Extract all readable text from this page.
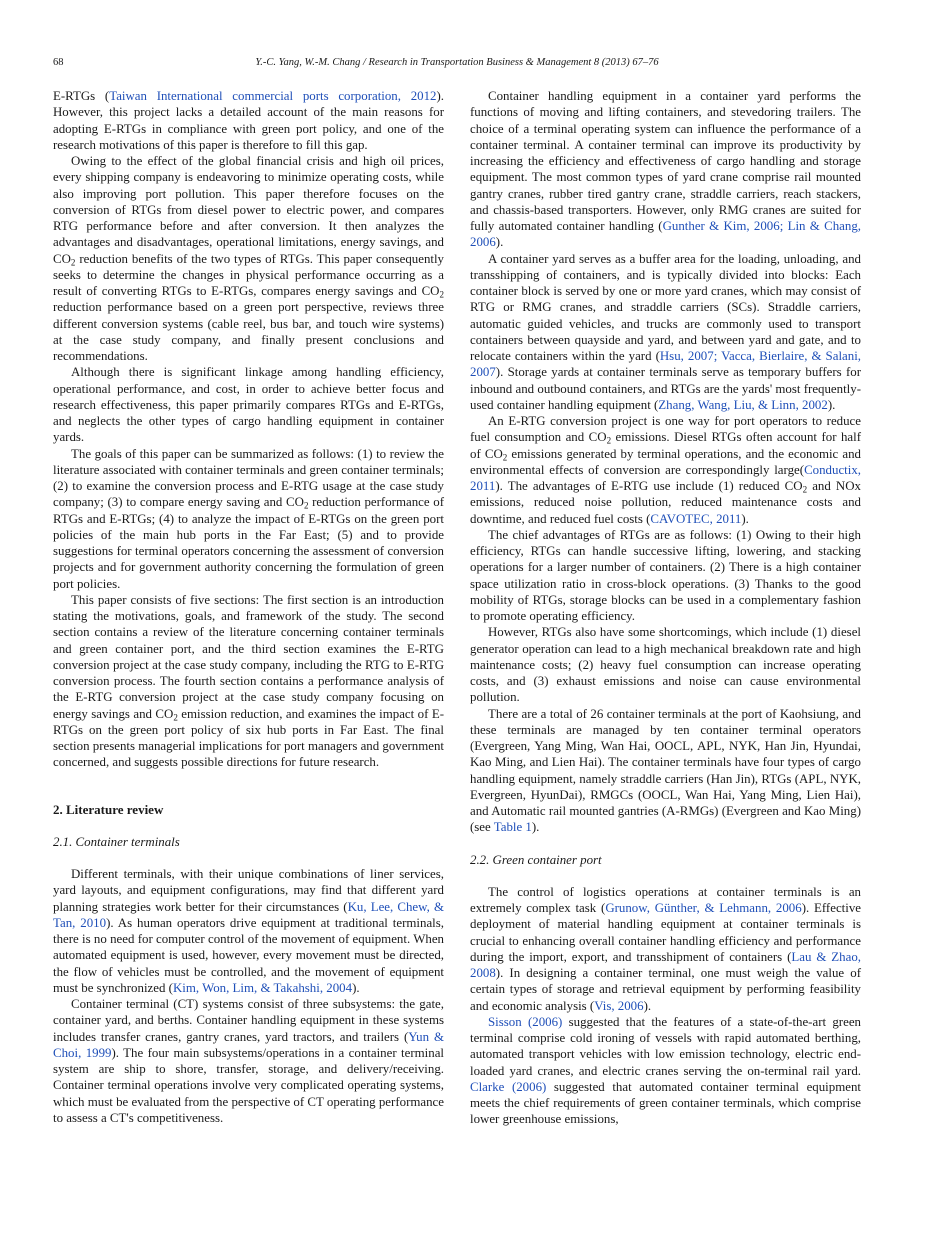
68	Y.-C. Yang, W.-M. Chang / Research in Transportation Business & Management 8 (2013) 67–76

E-RTGs (Taiwan International commercial ports corporation, 2012). However, this project lacks a detailed account of the main reasons for adopting E-RTGs in compliance with green port policy, and one of the research motivations of this paper is therefore to fill this gap.

Owing to the effect of the global financial crisis and high oil prices, every shipping company is endeavoring to minimize operating costs, while also improving port pollution. This paper therefore focuses on the conversion of RTGs from diesel power to electric power, and compares RTG performance before and after conversion. It then analyzes the advantages and disadvantages, operational limitations, energy savings, and $CO_2$ reduction benefits of the two types of RTGs. This paper consequently seeks to determine the changes in physical performance occurring as a result of converting RTGs to E-RTGs, compares energy savings and $CO_2$ reduction performance based on a green port perspective, reviews three different conversion systems (cable reel, bus bar, and touch wire systems) at the case study company, and finally present conclusions and recommendations.

Although there is significant linkage among handling efficiency, operational performance, and cost, in order to achieve better focus and research effectiveness, this paper primarily compares RTGs and E-RTGs, and neglects the other types of cargo handling equipment in container yards.

The goals of this paper can be summarized as follows: (1) to review the literature associated with container terminals and green container terminals; (2) to examine the conversion process and E-RTG usage at the case study company; (3) to compare energy saving and $CO_2$ reduction performance of RTGs and E-RTGs; (4) to analyze the impact of E-RTGs on the green port policies of the main hub ports in the Far East; (5) and to provide suggestions for terminal operators concerning the assessment of conversion projects and for government authority concerning the formulation of green port policies.

This paper consists of five sections: The first section is an introduction stating the motivations, goals, and framework of the study. The second section contains a review of the literature concerning container terminals and green container port, and the third section examines the E-RTG conversion project at the case study company, including the RTG to E-RTG conversion process. The fourth section contains a performance analysis of the E-RTG conversion project at the case study company focusing on energy savings and $CO_2$ emission reduction, and examines the impact of E-RTGs on the green port policy of six hub ports in Far East. The final section presents managerial implications for port managers and government concerned, and suggests possible directions for future research.

2. Literature review
2.1. Container terminals

Different terminals, with their unique combinations of liner services, yard layouts, and equipment configurations, may find that different yard planning strategies work better for their circumstances (Ku, Lee, Chew, & Tan, 2010). As human operators drive equipment at traditional terminals, there is no need for computer control of the movement of equipment. When automated equipment is used, however, every movement must be directed, the flow of vehicles must be controlled, and the movement of equipment must be synchronized (Kim, Won, Lim, & Takahshi, 2004).

Container terminal (CT) systems consist of three subsystems: the gate, container yard, and berths. Container handling equipment in these systems includes transfer cranes, gantry cranes, yard tractors, and trailers (Yun & Choi, 1999). The four main subsystems/operations in a container terminal system are ship to shore, transfer, storage, and delivery/receiving. Container terminal operations involve very complicated operating systems, which must be evaluated from the perspective of CT operating performance to assess a CT's competitiveness.

Container handling equipment in a container yard performs the functions of moving and lifting containers, and stevedoring trailers. The choice of a terminal operating system can influence the performance of a container terminal. A container terminal can improve its productivity by increasing the efficiency and effectiveness of cargo handling and storage equipment. The most common types of yard crane comprise rail mounted gantry cranes, rubber tired gantry crane, straddle carriers, reach stackers, and chassis-based transporters. However, only RMG cranes are suited for fully automated container handling (Gunther & Kim, 2006; Lin & Chang, 2006).

A container yard serves as a buffer area for the loading, unloading, and transshipping of containers, and is typically divided into blocks: Each container block is served by one or more yard cranes, which may consist of RTG or RMG cranes, and straddle carriers (SCs). Straddle carriers, automatic guided vehicles, and trucks are commonly used to transport containers between quayside and yard, and between yard and gate, and to relocate containers within the yard (Hsu, 2007; Vacca, Bierlaire, & Salani, 2007). Storage yards at container terminals serve as temporary buffers for inbound and outbound containers, and RTGs are the yards' most frequently-used container handling equipment (Zhang, Wang, Liu, & Linn, 2002).

An E-RTG conversion project is one way for port operators to reduce fuel consumption and $CO_2$ emissions. Diesel RTGs often account for half of $CO_2$ emissions generated by terminal operations, and the economic and environmental effects of conversion are correspondingly large(Conductix, 2011). The advantages of E-RTG use include (1) reduced $CO_2$ and NOx emissions, reduced noise pollution, reduced maintenance costs and downtime, and reduced fuel costs (CAVOTEC, 2011).

The chief advantages of RTGs are as follows: (1) Owing to their high efficiency, RTGs can handle successive lifting, lowering, and stacking operations for a larger number of containers. (2) There is a high container space utilization ratio in cross-block operations. (3) Thanks to the good mobility of RTGs, storage blocks can be used in a complementary fashion to promote operating efficiency.

However, RTGs also have some shortcomings, which include (1) diesel generator operation can lead to a high mechanical breakdown rate and high maintenance costs; (2) heavy fuel consumption can increase operating costs, and (3) exhaust emissions and noise can cause environmental pollution.

There are a total of 26 container terminals at the port of Kaohsiung, and these terminals are managed by ten container terminal operators (Evergreen, Yang Ming, Wan Hai, OOCL, APL, NYK, Han Jin, Hyundai, Kao Ming, and Lien Hai). The container terminals have four types of cargo handling equipment, namely straddle carriers (Han Jin), RTGs (APL, NYK, Evergreen, HyunDai), RMGCs (OOCL, Wan Hai, Yang Ming, Lien Hai), and Automatic rail mounted gantries (A-RMGs) (Evergreen and Kao Ming) (see Table 1).

2.2. Green container port

The control of logistics operations at container terminals is an extremely complex task (Grunow, Günther, & Lehmann, 2006). Effective deployment of material handling equipment at container terminals is crucial to enhancing overall container handling efficiency and performance during the import, export, and transshipment of containers (Lau & Zhao, 2008). In designing a container terminal, one must weigh the value of certain types of storage and retrieval equipment by performing feasibility and economic analysis (Vis, 2006).

Sisson (2006) suggested that the features of a state-of-the-art green terminal comprise cold ironing of vessels with rapid automated berthing, automated transport vehicles with low emission technology, electric end-loaded yard cranes, and electric cranes serving the on-terminal rail yard. Clarke (2006) suggested that automated container terminal equipment meets the chief requirements of green container terminals, which comprise lower greenhouse emissions,
